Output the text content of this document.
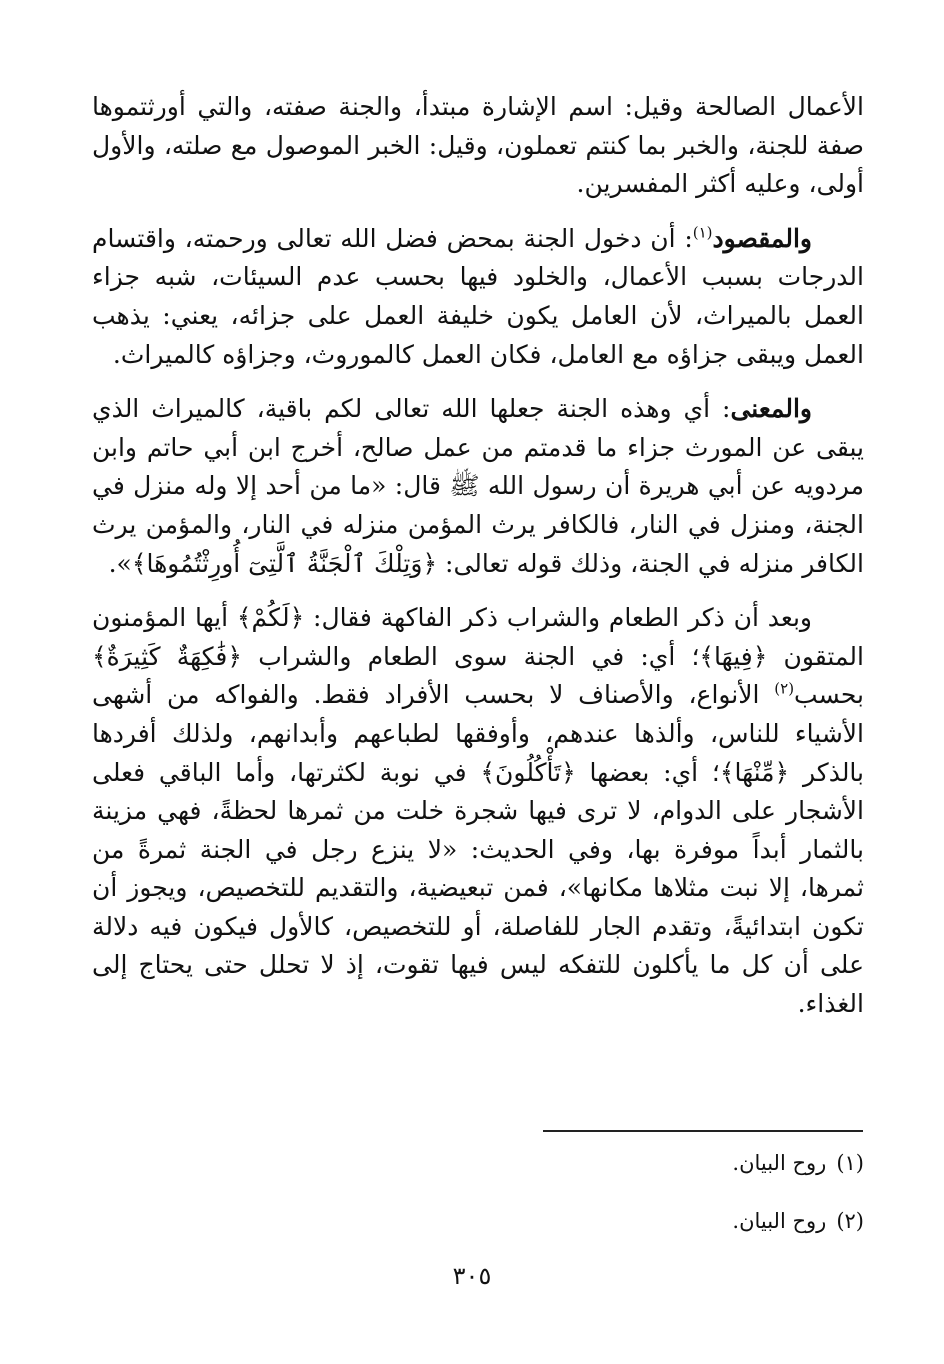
الأعمال الصالحة وقيل: اسم الإشارة مبتدأ، والجنة صفته، والتي أورثتموها صفة للجنة، والخبر بما كنتم تعملون، وقيل: الخبر الموصول مع صلته، والأول أولى، وعليه أكثر المفسرين.

والمقصود$^{(١)}$: أن دخول الجنة بمحض فضل الله تعالى ورحمته، واقتسام الدرجات بسبب الأعمال، والخلود فيها بحسب عدم السيئات، شبه جزاء العمل بالميراث، لأن العامل يكون خليفة العمل على جزائه، يعني: يذهب العمل ويبقى جزاؤه مع العامل، فكان العمل كالموروث، وجزاؤه كالميراث.

والمعنى: أي وهذه الجنة جعلها الله تعالى لكم باقية، كالميراث الذي يبقى عن المورث جزاء ما قدمتم من عمل صالح، أخرج ابن أبي حاتم وابن مردويه عن أبي هريرة أن رسول الله ﷺ قال: «ما من أحد إلا وله منزل في الجنة، ومنزل في النار، فالكافر يرث المؤمن منزله في النار، والمؤمن يرث الكافر منزله في الجنة، وذلك قوله تعالى: ﴿وَتِلْكَ ٱلْجَنَّةُ ٱلَّتِىٓ أُورِثْتُمُوهَا﴾».

وبعد أن ذكر الطعام والشراب ذكر الفاكهة فقال: ﴿لَكُمْ﴾ أيها المؤمنون المتقون ﴿فِيهَا﴾؛ أي: في الجنة سوى الطعام والشراب ﴿فَٰكِهَةٌ كَثِيرَةٌ﴾ بحسب$^{(٢)}$ الأنواع، والأصناف لا بحسب الأفراد فقط. والفواكه من أشهى الأشياء للناس، وألذها عندهم، وأوفقها لطباعهم وأبدانهم، ولذلك أفردها بالذكر ﴿مِّنْهَا﴾؛ أي: بعضها ﴿تَأْكُلُونَ﴾ في نوبة لكثرتها، وأما الباقي فعلى الأشجار على الدوام، لا ترى فيها شجرة خلت من ثمرها لحظةً، فهي مزينة بالثمار أبداً موفرة بها، وفي الحديث: «لا ينزع رجل في الجنة ثمرةً من ثمرها، إلا نبت مثلاها مكانها»، فمن تبعيضية، والتقديم للتخصيص، ويجوز أن تكون ابتدائيةً، وتقدم الجار للفاصلة، أو للتخصيص، كالأول فيكون فيه دلالة على أن كل ما يأكلون للتفكه ليس فيها تقوت، إذ لا تحلل حتى يحتاج إلى الغذاء.

(١)روح البيان.

(٢)روح البيان.

٣٠٥
